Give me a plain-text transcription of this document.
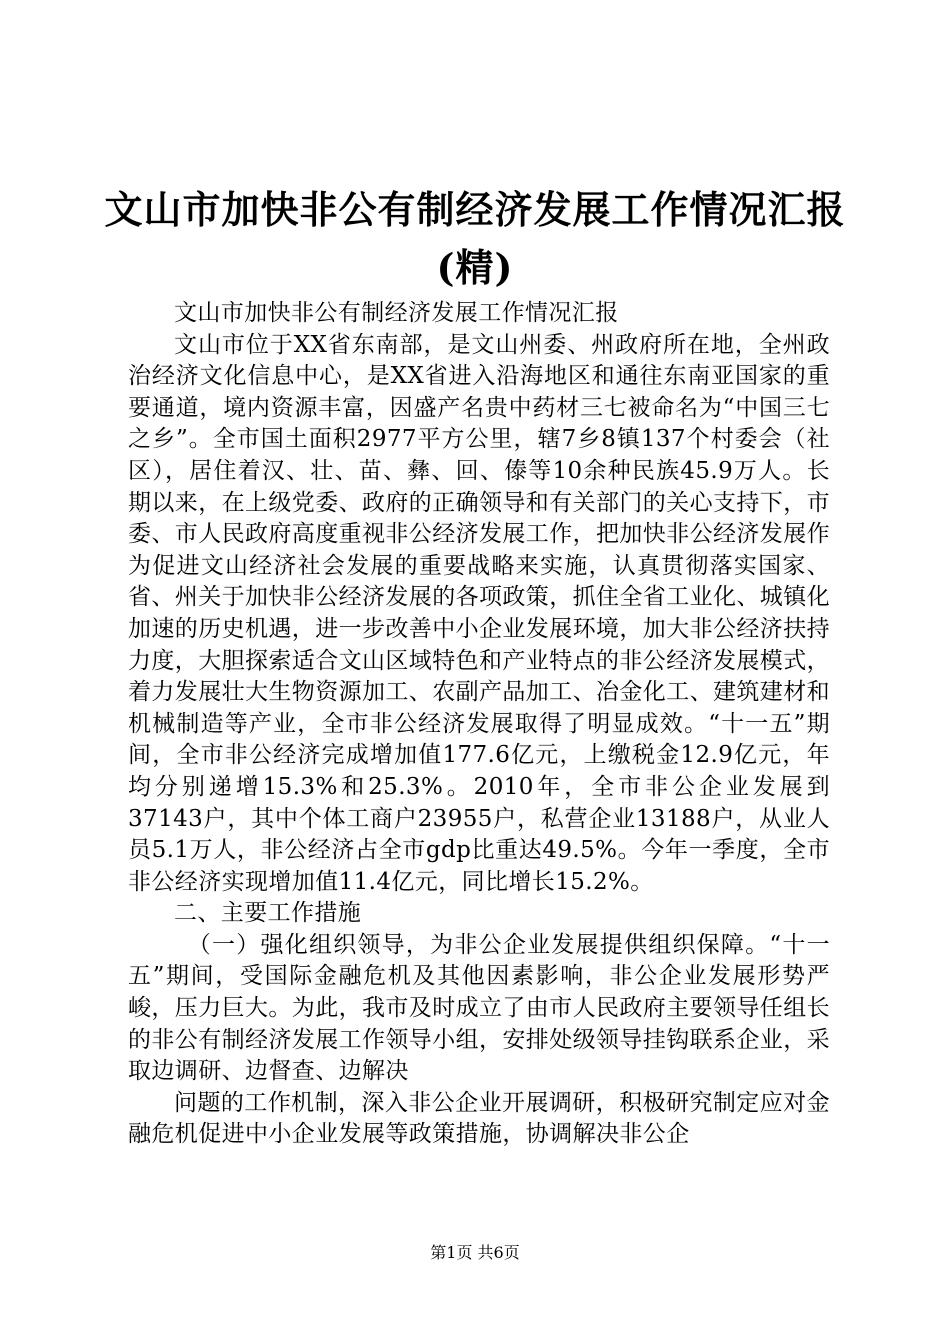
文山市加快非公有制经济发展工作情况汇报
(精)

文山市加快非公有制经济发展工作情况汇报

文山市位于XX省东南部，是文山州委、州政府所在地，全州政治经济文化信息中心，是XX省进入沿海地区和通往东南亚国家的重要通道，境内资源丰富，因盛产名贵中药材三七被命名为“中国三七之乡”。全市国土面积2977平方公里，辖7乡8镇137个村委会（社区），居住着汉、壮、苗、彝、回、傣等10余种民族45.9万人。长期以来，在上级党委、政府的正确领导和有关部门的关心支持下，市委、市人民政府高度重视非公经济发展工作，把加快非公经济发展作为促进文山经济社会发展的重要战略来实施，认真贯彻落实国家、省、州关于加快非公经济发展的各项政策，抓住全省工业化、城镇化加速的历史机遇，进一步改善中小企业发展环境，加大非公经济扶持力度，大胆探索适合文山区域特色和产业特点的非公经济发展模式，着力发展壮大生物资源加工、农副产品加工、冶金化工、建筑建材和机械制造等产业，全市非公经济发展取得了明显成效。“十一五”期间，全市非公经济完成增加值177.6亿元，上缴税金12.9亿元，年均分别递增15.3%和25.3%。2010年，全市非公企业发展到37143户，其中个体工商户23955户，私营企业13188户，从业人员5.1万人，非公经济占全市gdp比重达49.5%。今年一季度，全市非公经济实现增加值11.4亿元，同比增长15.2%。

二、主要工作措施

（一）强化组织领导，为非公企业发展提供组织保障。“十一五”期间，受国际金融危机及其他因素影响，非公企业发展形势严峻，压力巨大。为此，我市及时成立了由市人民政府主要领导任组长的非公有制经济发展工作领导小组，安排处级领导挂钩联系企业，采取边调研、边督查、边解决

问题的工作机制，深入非公企业开展调研，积极研究制定应对金融危机促进中小企业发展等政策措施，协调解决非公企

第1页 共6页
